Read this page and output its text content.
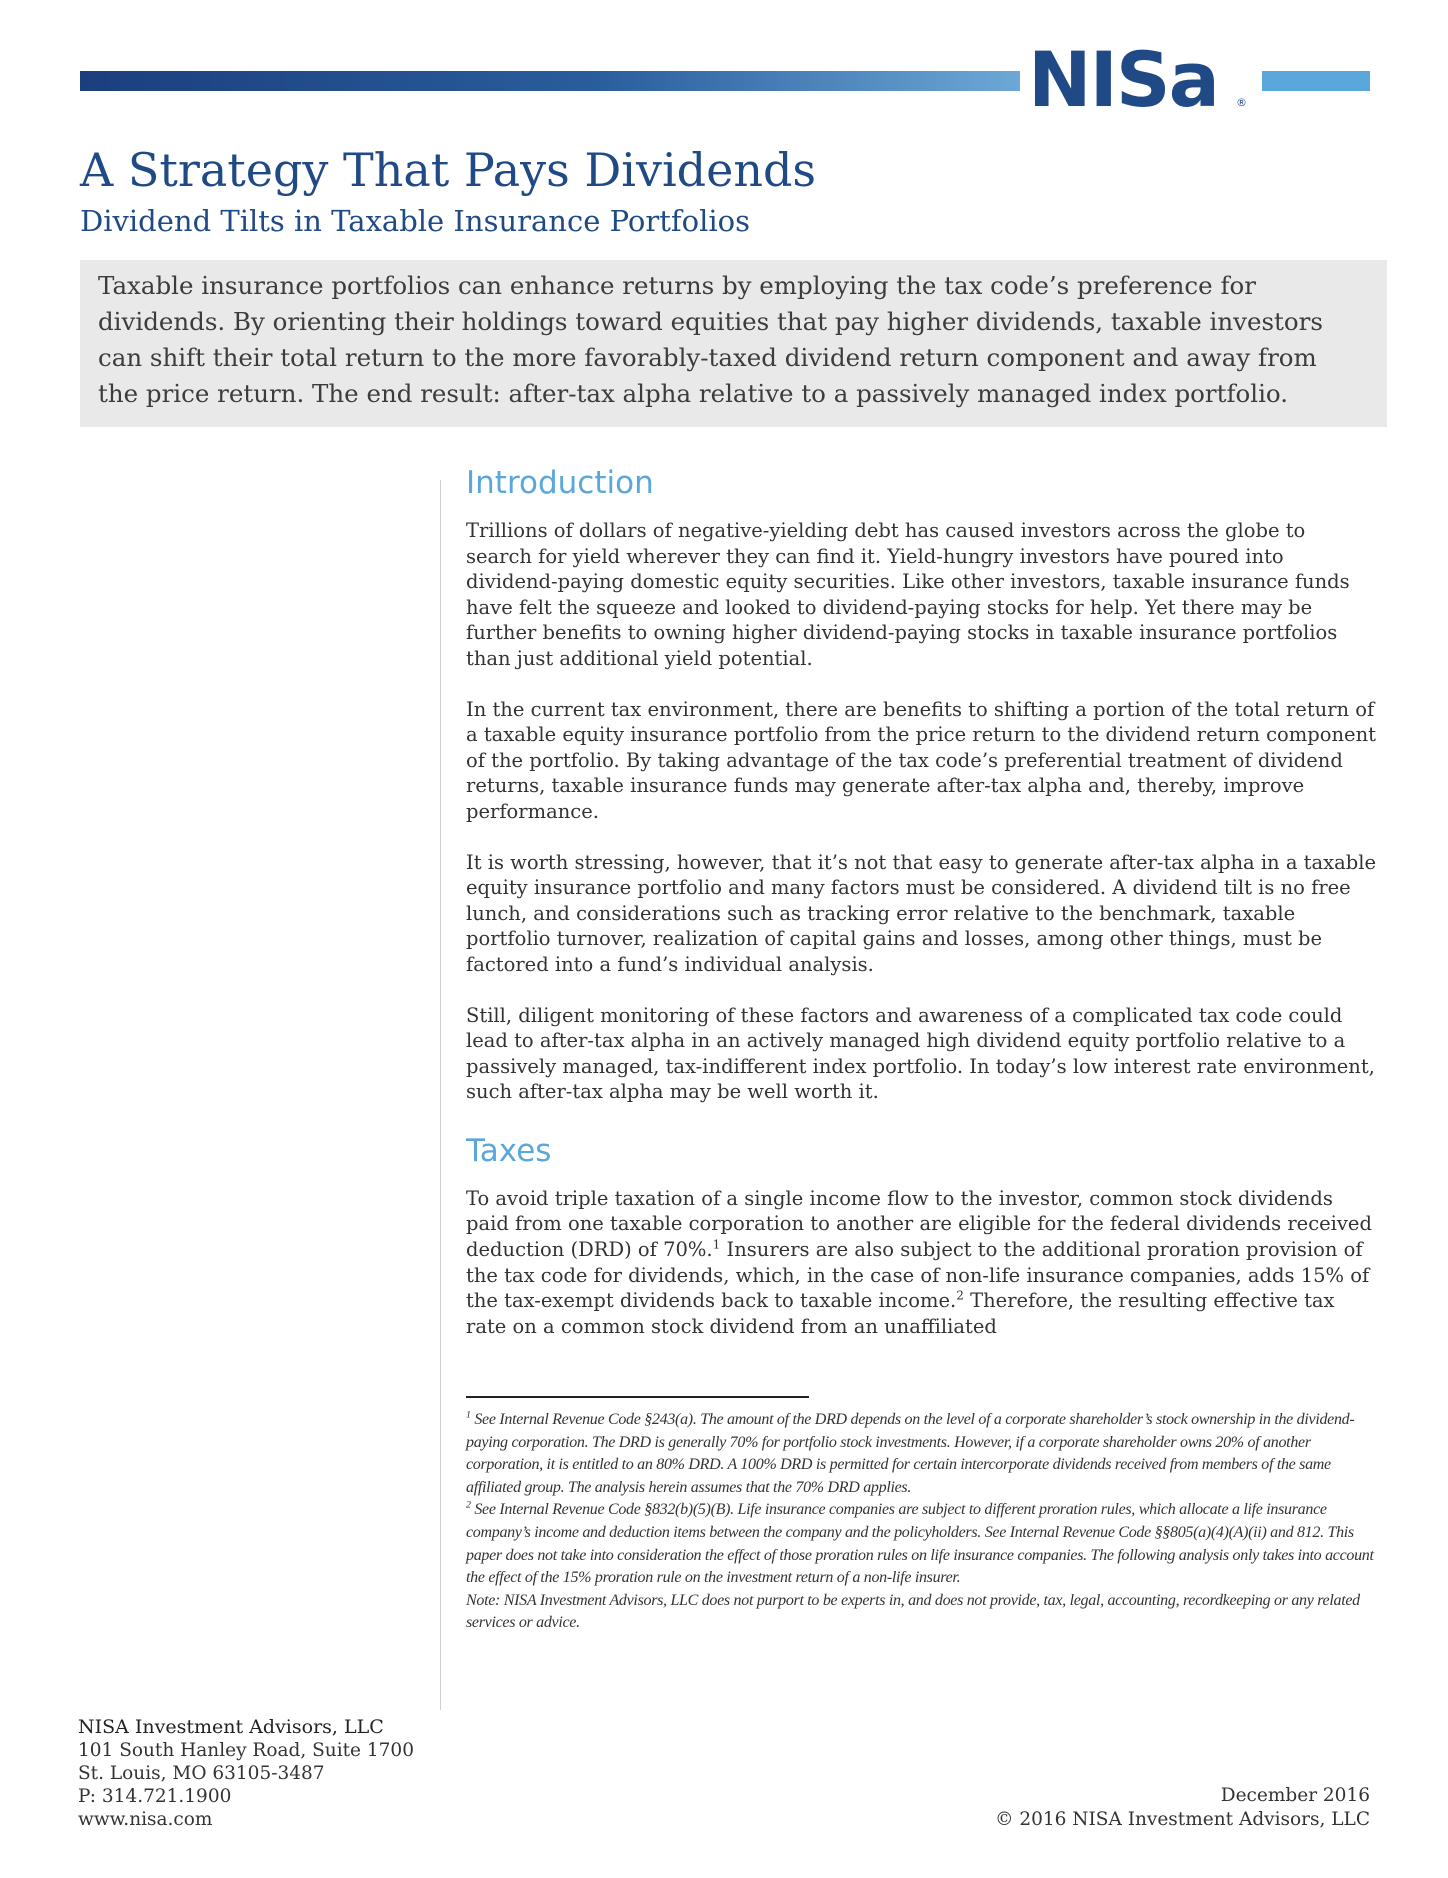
NISa ®
A Strategy That Pays Dividends
Dividend Tilts in Taxable Insurance Portfolios
Taxable insurance portfolios can enhance returns by employing the tax code’s preference for dividends. By orienting their holdings toward equities that pay higher dividends, taxable investors can shift their total return to the more favorably-taxed dividend return component and away from the price return. The end result: after-tax alpha relative to a passively managed index portfolio.
Introduction

Trillions of dollars of negative-yielding debt has caused investors across the globe to search for yield wherever they can find it. Yield-hungry investors have poured into dividend-paying domestic equity securities. Like other investors, taxable insurance funds have felt the squeeze and looked to dividend-paying stocks for help. Yet there may be further benefits to owning higher dividend-paying stocks in taxable insurance portfolios than just additional yield potential.

In the current tax environment, there are benefits to shifting a portion of the total return of a taxable equity insurance portfolio from the price return to the dividend return component of the portfolio. By taking advantage of the tax code’s preferential treatment of dividend returns, taxable insurance funds may generate after-tax alpha and, thereby, improve performance.

It is worth stressing, however, that it’s not that easy to generate after-tax alpha in a taxable equity insurance portfolio and many factors must be considered. A dividend tilt is no free lunch, and considerations such as tracking error relative to the benchmark, taxable portfolio turnover, realization of capital gains and losses, among other things, must be factored into a fund’s individual analysis.

Still, diligent monitoring of these factors and awareness of a complicated tax code could lead to after-tax alpha in an actively managed high dividend equity portfolio relative to a passively managed, tax-indifferent index portfolio. In today’s low interest rate environment, such after-tax alpha may be well worth it.

Taxes

To avoid triple taxation of a single income flow to the investor, common stock dividends paid from one taxable corporation to another are eligible for the federal dividends received deduction (DRD) of 70%.$^1$ Insurers are also subject to the additional proration provision of the tax code for dividends, which, in the case of non-life insurance companies, adds 15% of the tax-exempt dividends back to taxable income.$^2$ Therefore, the resulting effective tax rate on a common stock dividend from an unaffiliated

$^1$ See Internal Revenue Code §243(a). The amount of the DRD depends on the level of a corporate shareholder’s stock ownership in the dividend-paying corporation. The DRD is generally 70% for portfolio stock investments. However, if a corporate shareholder owns 20% of another corporation, it is entitled to an 80% DRD. A 100% DRD is permitted for certain intercorporate dividends received from members of the same affiliated group. The analysis herein assumes that the 70% DRD applies.

$^2$ See Internal Revenue Code §832(b)(5)(B). Life insurance companies are subject to different proration rules, which allocate a life insurance company’s income and deduction items between the company and the policyholders. See Internal Revenue Code §§805(a)(4)(A)(ii) and 812. This paper does not take into consideration the effect of those proration rules on life insurance companies. The following analysis only takes into account the effect of the 15% proration rule on the investment return of a non-life insurer.

Note: NISA Investment Advisors, LLC does not purport to be experts in, and does not provide, tax, legal, accounting, recordkeeping or any related services or advice.

NISA Investment Advisors, LLC
101 South Hanley Road, Suite 1700
St. Louis, MO 63105-3487
P: 314.721.1900
www.nisa.com
December 2016
© 2016 NISA Investment Advisors, LLC
